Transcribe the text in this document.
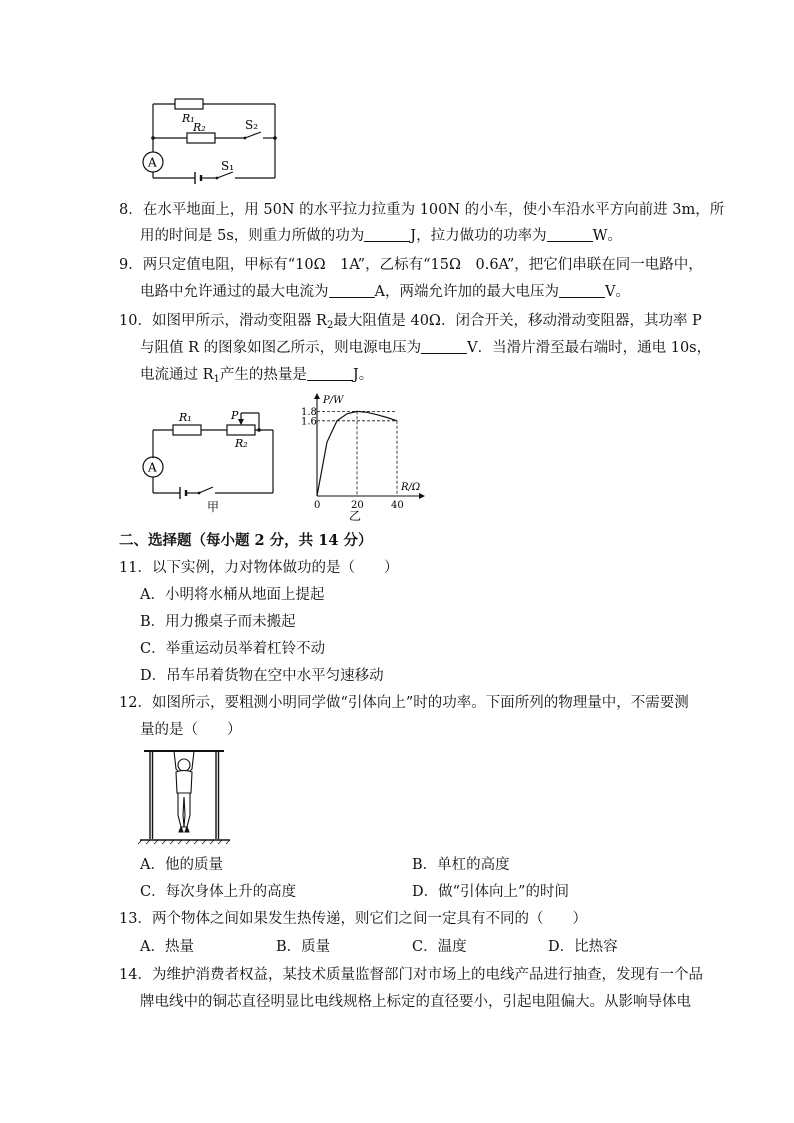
R₁
R₂	S₂
S₁
A
8．在水平地面上，用 50N 的水平拉力拉重为 100N 的小车，使小车沿水平方向前进 3m，所
用的时间是 5s，则重力所做的功为	J，拉力做功的功率为	W。
9．两只定值电阻，甲标有“10Ω　1A”，乙标有“15Ω　0.6A”，把它们串联在同一电路中，
电路中允许通过的最大电流为	A，两端允许加的最大电压为	V。
10．如图甲所示，滑动变阻器 $R_2$最大阻值是 40Ω．闭合开关，移动滑动变阻器，其功率 P
与阻值 R 的图象如图乙所示，则电源电压为	V．当滑片滑至最右端时，通电 10s，
电流通过 $R_1$产生的热量是	J。
R₁	P
R₂
A
甲
P/W
R/Ω
0	20	40
1.6
1.8
乙
二、选择题（每小题 2 分，共 14 分）
11．以下实例，力对物体做功的是（　　）
A．小明将水桶从地面上提起
B．用力搬桌子而未搬起
C．举重运动员举着杠铃不动
D．吊车吊着货物在空中水平匀速移动
12．如图所示，要粗测小明同学做“引体向上”时的功率。下面所列的物理量中，不需要测
量的是（　　）
A．他的质量	B．单杠的高度
C．每次身体上升的高度	D．做“引体向上”的时间
13．两个物体之间如果发生热传递，则它们之间一定具有不同的（　　）
A．热量	B．质量	C．温度	D．比热容
14．为维护消费者权益，某技术质量监督部门对市场上的电线产品进行抽查，发现有一个品
牌电线中的铜芯直径明显比电线规格上标定的直径要小，引起电阻偏大。从影响导体电
